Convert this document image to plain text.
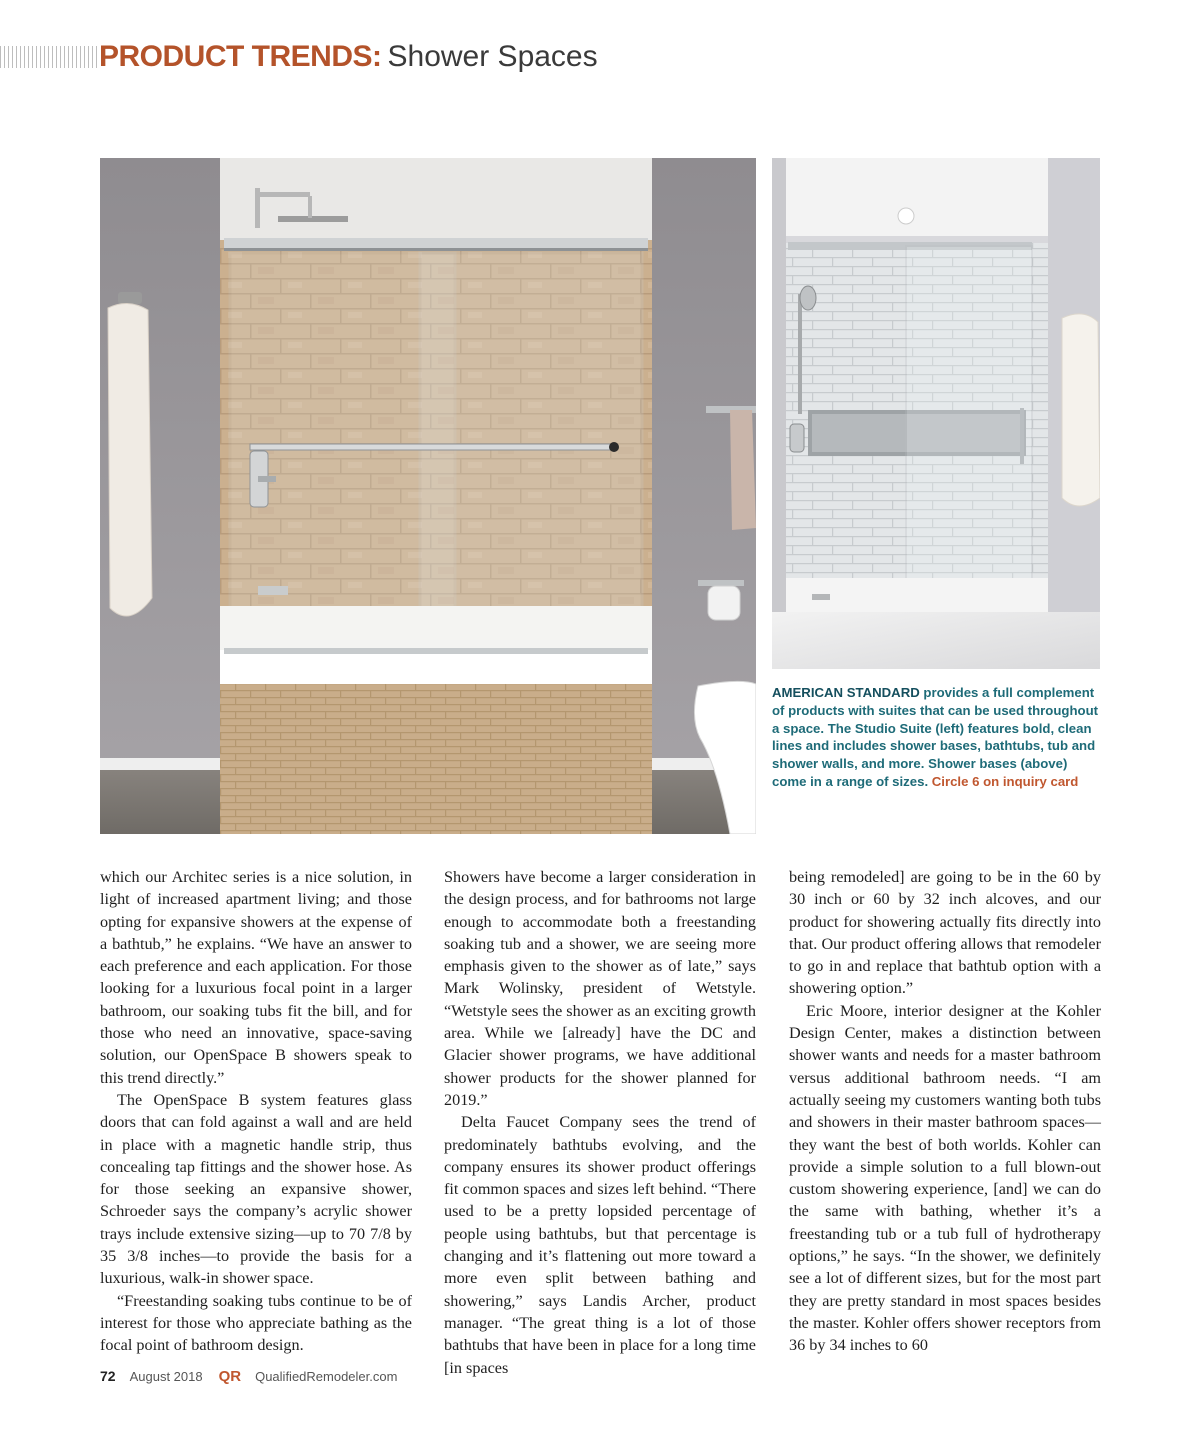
PRODUCT TRENDS: Shower Spaces
AMERICAN STANDARD provides a full complement of products with suites that can be used throughout a space. The Studio Suite (left) features bold, clean lines and includes shower bases, bathtubs, tub and shower walls, and more. Shower bases (above) come in a range of sizes. Circle 6 on inquiry card

which our Architec series is a nice solution, in light of increased apartment living; and those opting for expansive showers at the expense of a bathtub,” he explains. “We have an answer to each preference and each application. For those looking for a luxurious focal point in a larger bathroom, our soaking tubs fit the bill, and for those who need an innovative, space-saving solution, our OpenSpace B showers speak to this trend directly.”

The OpenSpace B system features glass doors that can fold against a wall and are held in place with a magnetic handle strip, thus concealing tap fittings and the shower hose. As for those seeking an expansive shower, Schroeder says the company’s acrylic shower trays include extensive sizing—up to 70 7/8 by 35 3/8 inches—to provide the basis for a luxurious, walk-in shower space.

“Freestanding soaking tubs continue to be of interest for those who appreciate bathing as the focal point of bathroom design.

Showers have become a larger consideration in the design process, and for bathrooms not large enough to accommodate both a freestanding soaking tub and a shower, we are seeing more emphasis given to the shower as of late,” says Mark Wolinsky, president of Wetstyle. “Wetstyle sees the shower as an exciting growth area. While we [already] have the DC and Glacier shower programs, we have additional shower products for the shower planned for 2019.”

Delta Faucet Company sees the trend of predominately bathtubs evolving, and the company ensures its shower product offerings fit common spaces and sizes left behind. “There used to be a pretty lopsided percentage of people using bathtubs, but that percentage is changing and it’s flattening out more toward a more even split between bathing and showering,” says Landis Archer, product manager. “The great thing is a lot of those bathtubs that have been in place for a long time [in spaces

being remodeled] are going to be in the 60 by 30 inch or 60 by 32 inch alcoves, and our product for showering actually fits directly into that. Our product offering allows that remodeler to go in and replace that bathtub option with a showering option.”

Eric Moore, interior designer at the Kohler Design Center, makes a distinction between shower wants and needs for a master bathroom versus additional bathroom needs. “I am actually seeing my customers wanting both tubs and showers in their master bathroom spaces—they want the best of both worlds. Kohler can provide a simple solution to a full blown-out custom showering experience, [and] we can do the same with bathing, whether it’s a freestanding tub or a tub full of hydrotherapy options,” he says. “In the shower, we definitely see a lot of different sizes, but for the most part they are pretty standard in most spaces besides the master. Kohler offers shower receptors from 36 by 34 inches to 60

72 August 2018 QR QualifiedRemodeler.com
